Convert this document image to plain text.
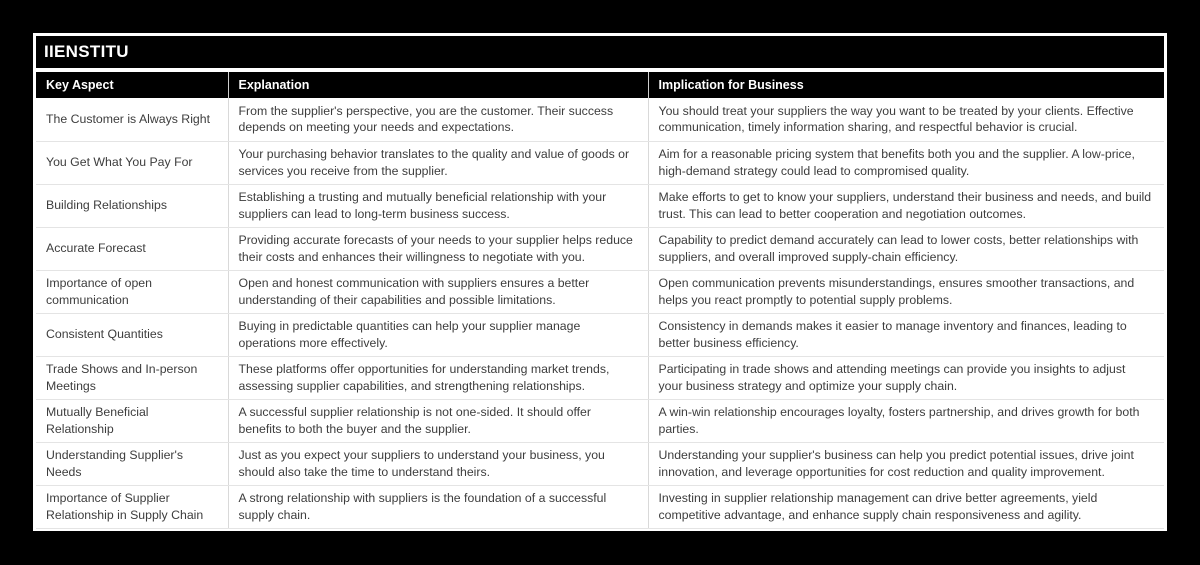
IIENSTITU
Key Aspect	Explanation	Implication for Business
The Customer is Always Right	From the supplier's perspective, you are the customer. Their success depends on meeting your needs and expectations.	You should treat your suppliers the way you want to be treated by your clients. Effective communication, timely information sharing, and respectful behavior is crucial.
You Get What You Pay For	Your purchasing behavior translates to the quality and value of goods or services you receive from the supplier.	Aim for a reasonable pricing system that benefits both you and the supplier. A low-price, high-demand strategy could lead to compromised quality.
Building Relationships	Establishing a trusting and mutually beneficial relationship with your suppliers can lead to long-term business success.	Make efforts to get to know your suppliers, understand their business and needs, and build trust. This can lead to better cooperation and negotiation outcomes.
Accurate Forecast	Providing accurate forecasts of your needs to your supplier helps reduce their costs and enhances their willingness to negotiate with you.	Capability to predict demand accurately can lead to lower costs, better relationships with suppliers, and overall improved supply-chain efficiency.
Importance of open communication	Open and honest communication with suppliers ensures a better understanding of their capabilities and possible limitations.	Open communication prevents misunderstandings, ensures smoother transactions, and helps you react promptly to potential supply problems.
Consistent Quantities	Buying in predictable quantities can help your supplier manage operations more effectively.	Consistency in demands makes it easier to manage inventory and finances, leading to better business efficiency.
Trade Shows and In-person Meetings	These platforms offer opportunities for understanding market trends, assessing supplier capabilities, and strengthening relationships.	Participating in trade shows and attending meetings can provide you insights to adjust your business strategy and optimize your supply chain.
Mutually Beneficial Relationship	A successful supplier relationship is not one-sided. It should offer benefits to both the buyer and the supplier.	A win-win relationship encourages loyalty, fosters partnership, and drives growth for both parties.
Understanding Supplier's Needs	Just as you expect your suppliers to understand your business, you should also take the time to understand theirs.	Understanding your supplier's business can help you predict potential issues, drive joint innovation, and leverage opportunities for cost reduction and quality improvement.
Importance of Supplier Relationship in Supply Chain	A strong relationship with suppliers is the foundation of a successful supply chain.	Investing in supplier relationship management can drive better agreements, yield competitive advantage, and enhance supply chain responsiveness and agility.
